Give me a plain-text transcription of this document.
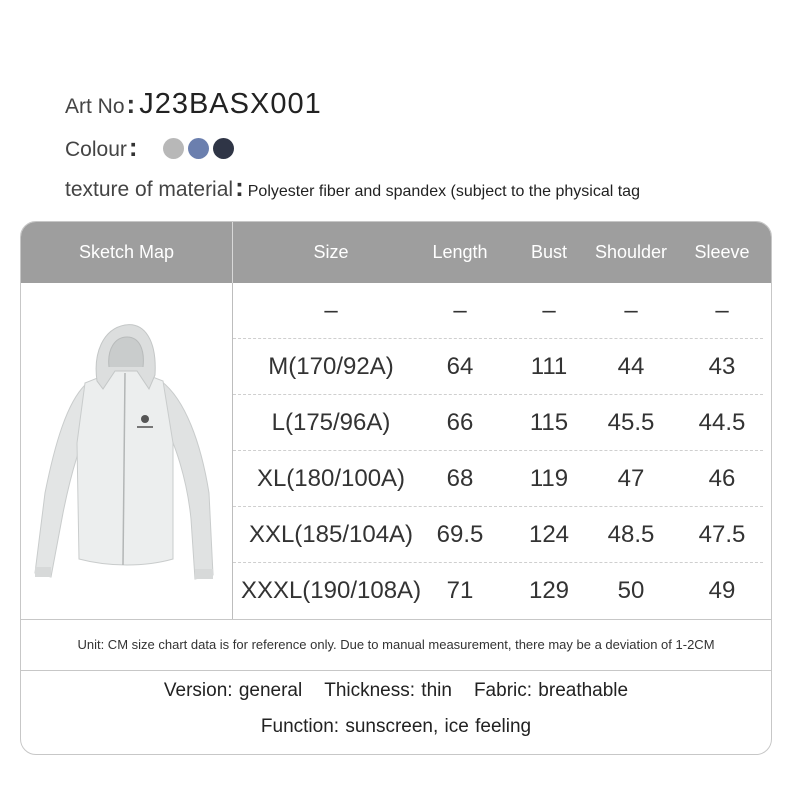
Art No: J23BASX001
Colour:
texture of material: Polyester fiber and spandex (subject to the physical tag
Sketch Map	Size	Length	Bust	Shoulder	Sleeve
–	–	–	–	–
M(170/92A)	64	111	44	43
L(175/96A)	66	115	45.5	44.5
XL(180/100A)	68	119	47	46
XXL(185/104A) 69.5	124	48.5	47.5
XXXL(190/108A)	71	129	50	49
Unit: CM size chart data is for reference only. Due to manual measurement, there may be a deviation of 1-2CM
Version: general Thickness: thin Fabric: breathable
Function: sunscreen, ice feeling
